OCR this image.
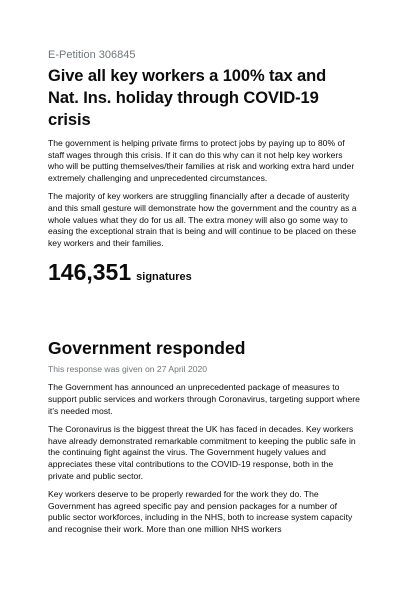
E-Petition 306845
Give all key workers a 100% tax and Nat. Ins. holiday through COVID-19 crisis

The government is helping private firms to protect jobs by paying up to 80% of staff wages through this crisis. If it can do this why can it not help key workers who will be putting themselves/their families at risk and working extra hard under extremely challenging and unprecedented circumstances.

The majority of key workers are struggling financially after a decade of austerity and this small gesture will demonstrate how the government and the country as a whole values what they do for us all. The extra money will also go some way to easing the exceptional strain that is being and will continue to be placed on these key workers and their families.

146,351 signatures
Government responded
This response was given on 27 April 2020

The Government has announced an unprecedented package of measures to support public services and workers through Coronavirus, targeting support where it’s needed most.

The Coronavirus is the biggest threat the UK has faced in decades. Key workers have already demonstrated remarkable commitment to keeping the public safe in the continuing fight against the virus. The Government hugely values and appreciates these vital contributions to the COVID-19 response, both in the private and public sector.

Key workers deserve to be properly rewarded for the work they do. The Government has agreed specific pay and pension packages for a number of public sector workforces, including in the NHS, both to increase system capacity and recognise their work. More than one million NHS workers
